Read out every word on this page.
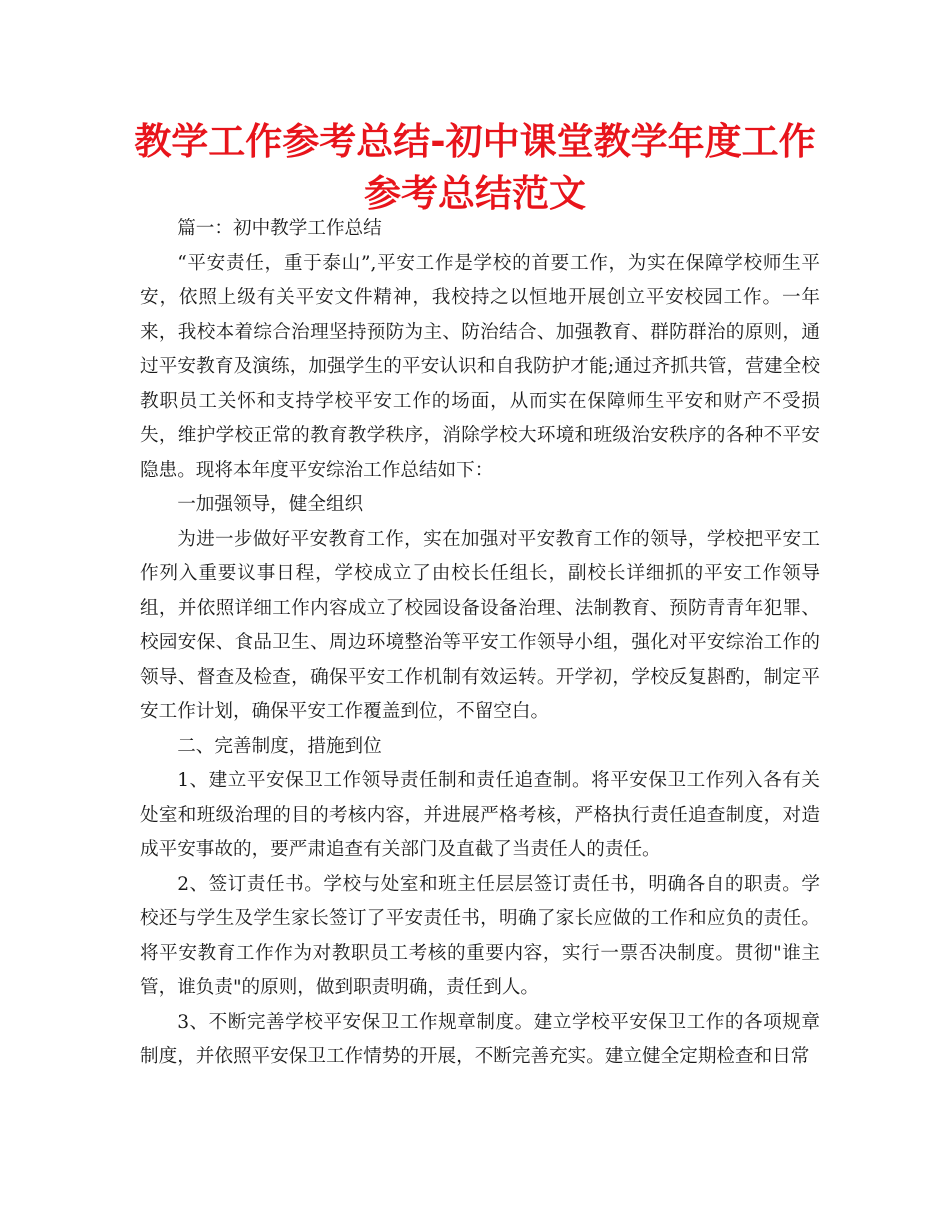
教学工作参考总结-初中课堂教学年度工作参考总结范文

篇一：初中教学工作总结

“平安责任，重于泰山”,平安工作是学校的首要工作，为实在保障学校师生平安，依照上级有关平安文件精神，我校持之以恒地开展创立平安校园工作。一年来，我校本着综合治理坚持预防为主、防治结合、加强教育、群防群治的原则，通过平安教育及演练，加强学生的平安认识和自我防护才能;通过齐抓共管，营建全校教职员工关怀和支持学校平安工作的场面，从而实在保障师生平安和财产不受损失，维护学校正常的教育教学秩序，消除学校大环境和班级治安秩序的各种不平安隐患。现将本年度平安综治工作总结如下：

一加强领导，健全组织

为进一步做好平安教育工作，实在加强对平安教育工作的领导，学校把平安工作列入重要议事日程，学校成立了由校长任组长，副校长详细抓的平安工作领导组，并依照详细工作内容成立了校园设备设备治理、法制教育、预防青青年犯罪、校园安保、食品卫生、周边环境整治等平安工作领导小组，强化对平安综治工作的领导、督查及检查，确保平安工作机制有效运转。开学初，学校反复斟酌，制定平安工作计划，确保平安工作覆盖到位，不留空白。

二、完善制度，措施到位

1、建立平安保卫工作领导责任制和责任追查制。将平安保卫工作列入各有关处室和班级治理的目的考核内容，并进展严格考核，严格执行责任追查制度，对造成平安事故的，要严肃追查有关部门及直截了当责任人的责任。

2、签订责任书。学校与处室和班主任层层签订责任书，明确各自的职责。学校还与学生及学生家长签订了平安责任书，明确了家长应做的工作和应负的责任。将平安教育工作作为对教职员工考核的重要内容，实行一票否决制度。贯彻"谁主管，谁负责"的原则，做到职责明确，责任到人。

3、不断完善学校平安保卫工作规章制度。建立学校平安保卫工作的各项规章制度，并依照平安保卫工作情势的开展，不断完善充实。建立健全定期检查和日常
